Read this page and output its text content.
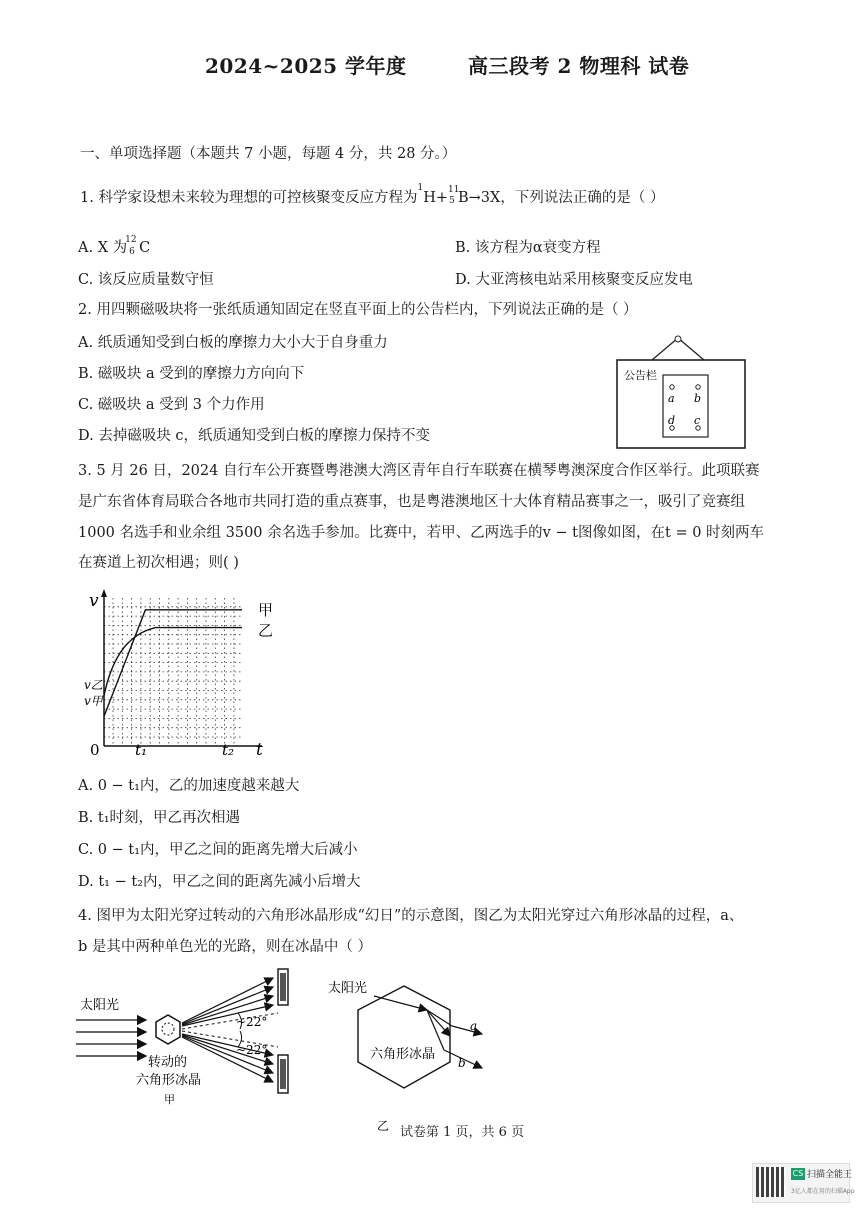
2024~2025 学年度	高三段考 2 物理科 试卷
一、单项选择题（本题共 7 小题，每题 4 分，共 28 分。）
1. 科学家设想未来较为理想的可控核聚变反应方程为$^1$H+ 11
5 B→3X，下列说法正确的是（ ）
A. X 为
12
6 C	B. 该方程为α衰变方程
C. 该反应质量数守恒	D. 大亚湾核电站采用核聚变反应发电
2. 用四颗磁吸块将一张纸质通知固定在竖直平面上的公告栏内，下列说法正确的是（ ）
A. 纸质通知受到白板的摩擦力大小大于自身重力
B. 磁吸块 a 受到的摩擦力方向向下
C. 磁吸块 a 受到 3 个力作用
D. 去掉磁吸块 c，纸质通知受到白板的摩擦力保持不变
公告栏
a b
d c
3. 5 月 26 日，2024 自行车公开赛暨粤港澳大湾区青年自行车联赛在横琴粤澳深度合作区举行。此项联赛
是广东省体育局联合各地市共同打造的重点赛事，也是粤港澳地区十大体育精品赛事之一，吸引了竞赛组
1000 名选手和业余组 3500 余名选手参加。比赛中，若甲、乙两选手的v − t图像如图，在t = 0 时刻两车
在赛道上初次相遇；则( )
v
t
0 t₁	t₂
v乙
v甲
甲
乙
A. 0 − t₁内，乙的加速度越来越大
B. t₁时刻，甲乙再次相遇
C. 0 − t₁内，甲乙之间的距离先增大后减小
D. t₁ − t₂内，甲乙之间的距离先减小后增大
4. 图甲为太阳光穿过转动的六角形冰晶形成“幻日”的示意图，图乙为太阳光穿过六角形冰晶的过程，a、
b 是其中两种单色光的光路，则在冰晶中（ ）
太阳光
~22°
~22°
转动的
六角形冰晶
甲
太阳光
a
b
六角形冰晶
乙 试卷第 1 页，共 6 页
CS 扫描全能王
3亿人都在用的扫描App
